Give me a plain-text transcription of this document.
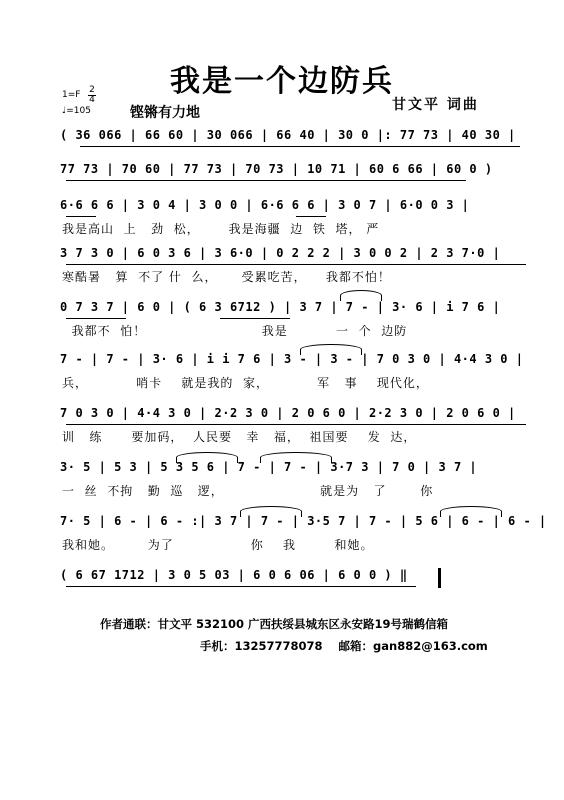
我是一个边防兵
1=F 2
4
♩=105	铿锵有力地	甘文平 词曲
( 36 066 | 66 60 | 30 066 | 66 40 | 30 0 |: 77 73 | 40 30 |
77 73 | 70 60 | 77 73 | 70 73 | 10 71 | 60 6 66 | 60 0 )
6·6 6 6 | 3 0 4 | 3 0 0 | 6·6 6 6 | 3 0 7 | 6·0 0 3 |
3 7 3 0 | 6 0 3 6 | 3 6·0 | 0 2 2 2 | 3 0 0 2 | 2 3 7·0 |
0 7 3 7 | 6 0 | ( 6 3 6712 ) | 3 7 | 7 - | 3· 6 | i 7 6 |
7 - | 7 - | 3· 6 | i i 7 6 | 3 - | 3 - | 7 0 3 0 | 4·4 3 0 |
7 0 3 0 | 4·4 3 0 | 2·2 3 0 | 2 0 6 0 | 2·2 3 0 | 2 0 6 0 |
3· 5 | 5 3 | 5 3 5 6 | 7 - | 7 - | 3·7 3 | 7 0 | 3 7 |
7· 5 | 6 - | 6 - :| 3 7 | 7 - | 3·5 7 | 7 - | 5 6 | 6 - | 6 - |
( 6 67 1712 | 3 0 5 03 | 6 0 6 06 | 6 0 0 ) ‖
我是高山  上   劲  松，      我是海疆  边  铁  塔， 严
寒酷暑   算  不了 什  么，     受累吃苦，    我都不怕！
我都不  怕！                        我是          一  个  边防
兵，          哨卡    就是我的  家，          军   事    现代化，
训   练      要加码，  人民要   幸   福，  祖国要    发  达，
一  丝  不拘   勤  巡   逻，                    就是为   了       你
我和她。       为了                你    我        和她。
作者通联：甘文平 532100 广西扶绥县城东区永安路19号瑞鹤信箱
手机：13257778078    邮箱：gan882@163.com
